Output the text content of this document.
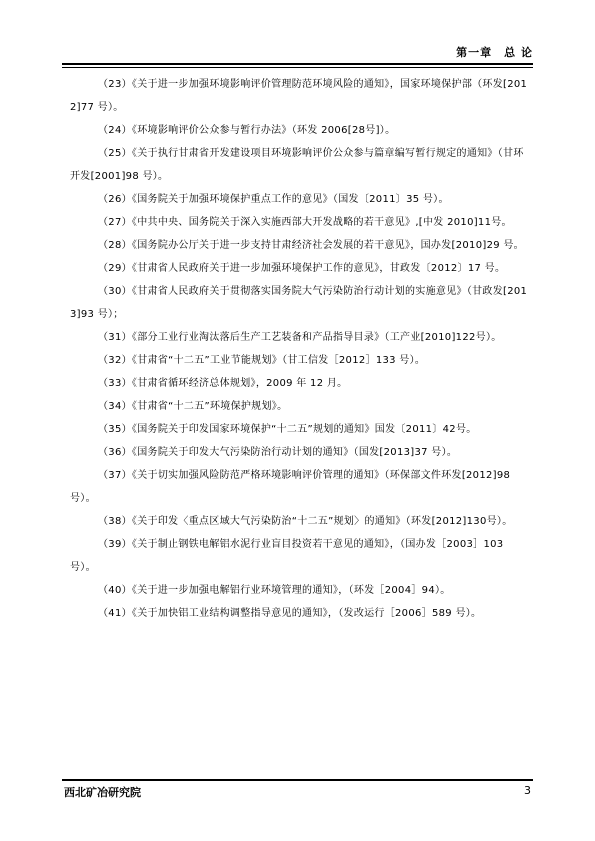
第一章　总 论

（23）《关于进一步加强环境影响评价管理防范环境风险的通知》，国家环境保护部（环发[2012]77 号）。

（24）《环境影响评价公众参与暂行办法》（环发 2006[28号]）。

（25）《关于执行甘肃省开发建设项目环境影响评价公众参与篇章编写暂行规定的通知》（甘环开发[2001]98 号）。

（26）《国务院关于加强环境保护重点工作的意见》（国发〔2011〕35 号）。

（27）《中共中央、国务院关于深入实施西部大开发战略的若干意见》,[中发 2010]11号。

（28）《国务院办公厅关于进一步支持甘肃经济社会发展的若干意见》，国办发[2010]29 号。

（29）《甘肃省人民政府关于进一步加强环境保护工作的意见》，甘政发〔2012〕17 号。

（30）《甘肃省人民政府关于贯彻落实国务院大气污染防治行动计划的实施意见》（甘政发[2013]93 号）；

（31）《部分工业行业淘汰落后生产工艺装备和产品指导目录》（工产业[2010]122号）。

（32）《甘肃省“十二五”工业节能规划》（甘工信发［2012］133 号）。

（33）《甘肃省循环经济总体规划》，2009 年 12 月。

（34）《甘肃省“十二五”环境保护规划》。

（35）《国务院关于印发国家环境保护“十二五”规划的通知》国发〔2011〕42号。

（36）《国务院关于印发大气污染防治行动计划的通知》（国发[2013]37 号）。

（37）《关于切实加强风险防范严格环境影响评价管理的通知》（环保部文件环发[2012]98 号）。

（38）《关于印发〈重点区域大气污染防治“十二五”规划〉的通知》（环发[2012]130号）。

（39）《关于制止钢铁电解铝水泥行业盲目投资若干意见的通知》，（国办发［2003］103 号）。

（40）《关于进一步加强电解铝行业环境管理的通知》，（环发［2004］94）。

（41）《关于加快铝工业结构调整指导意见的通知》，（发改运行［2006］589 号）。

西北矿冶研究院	3
